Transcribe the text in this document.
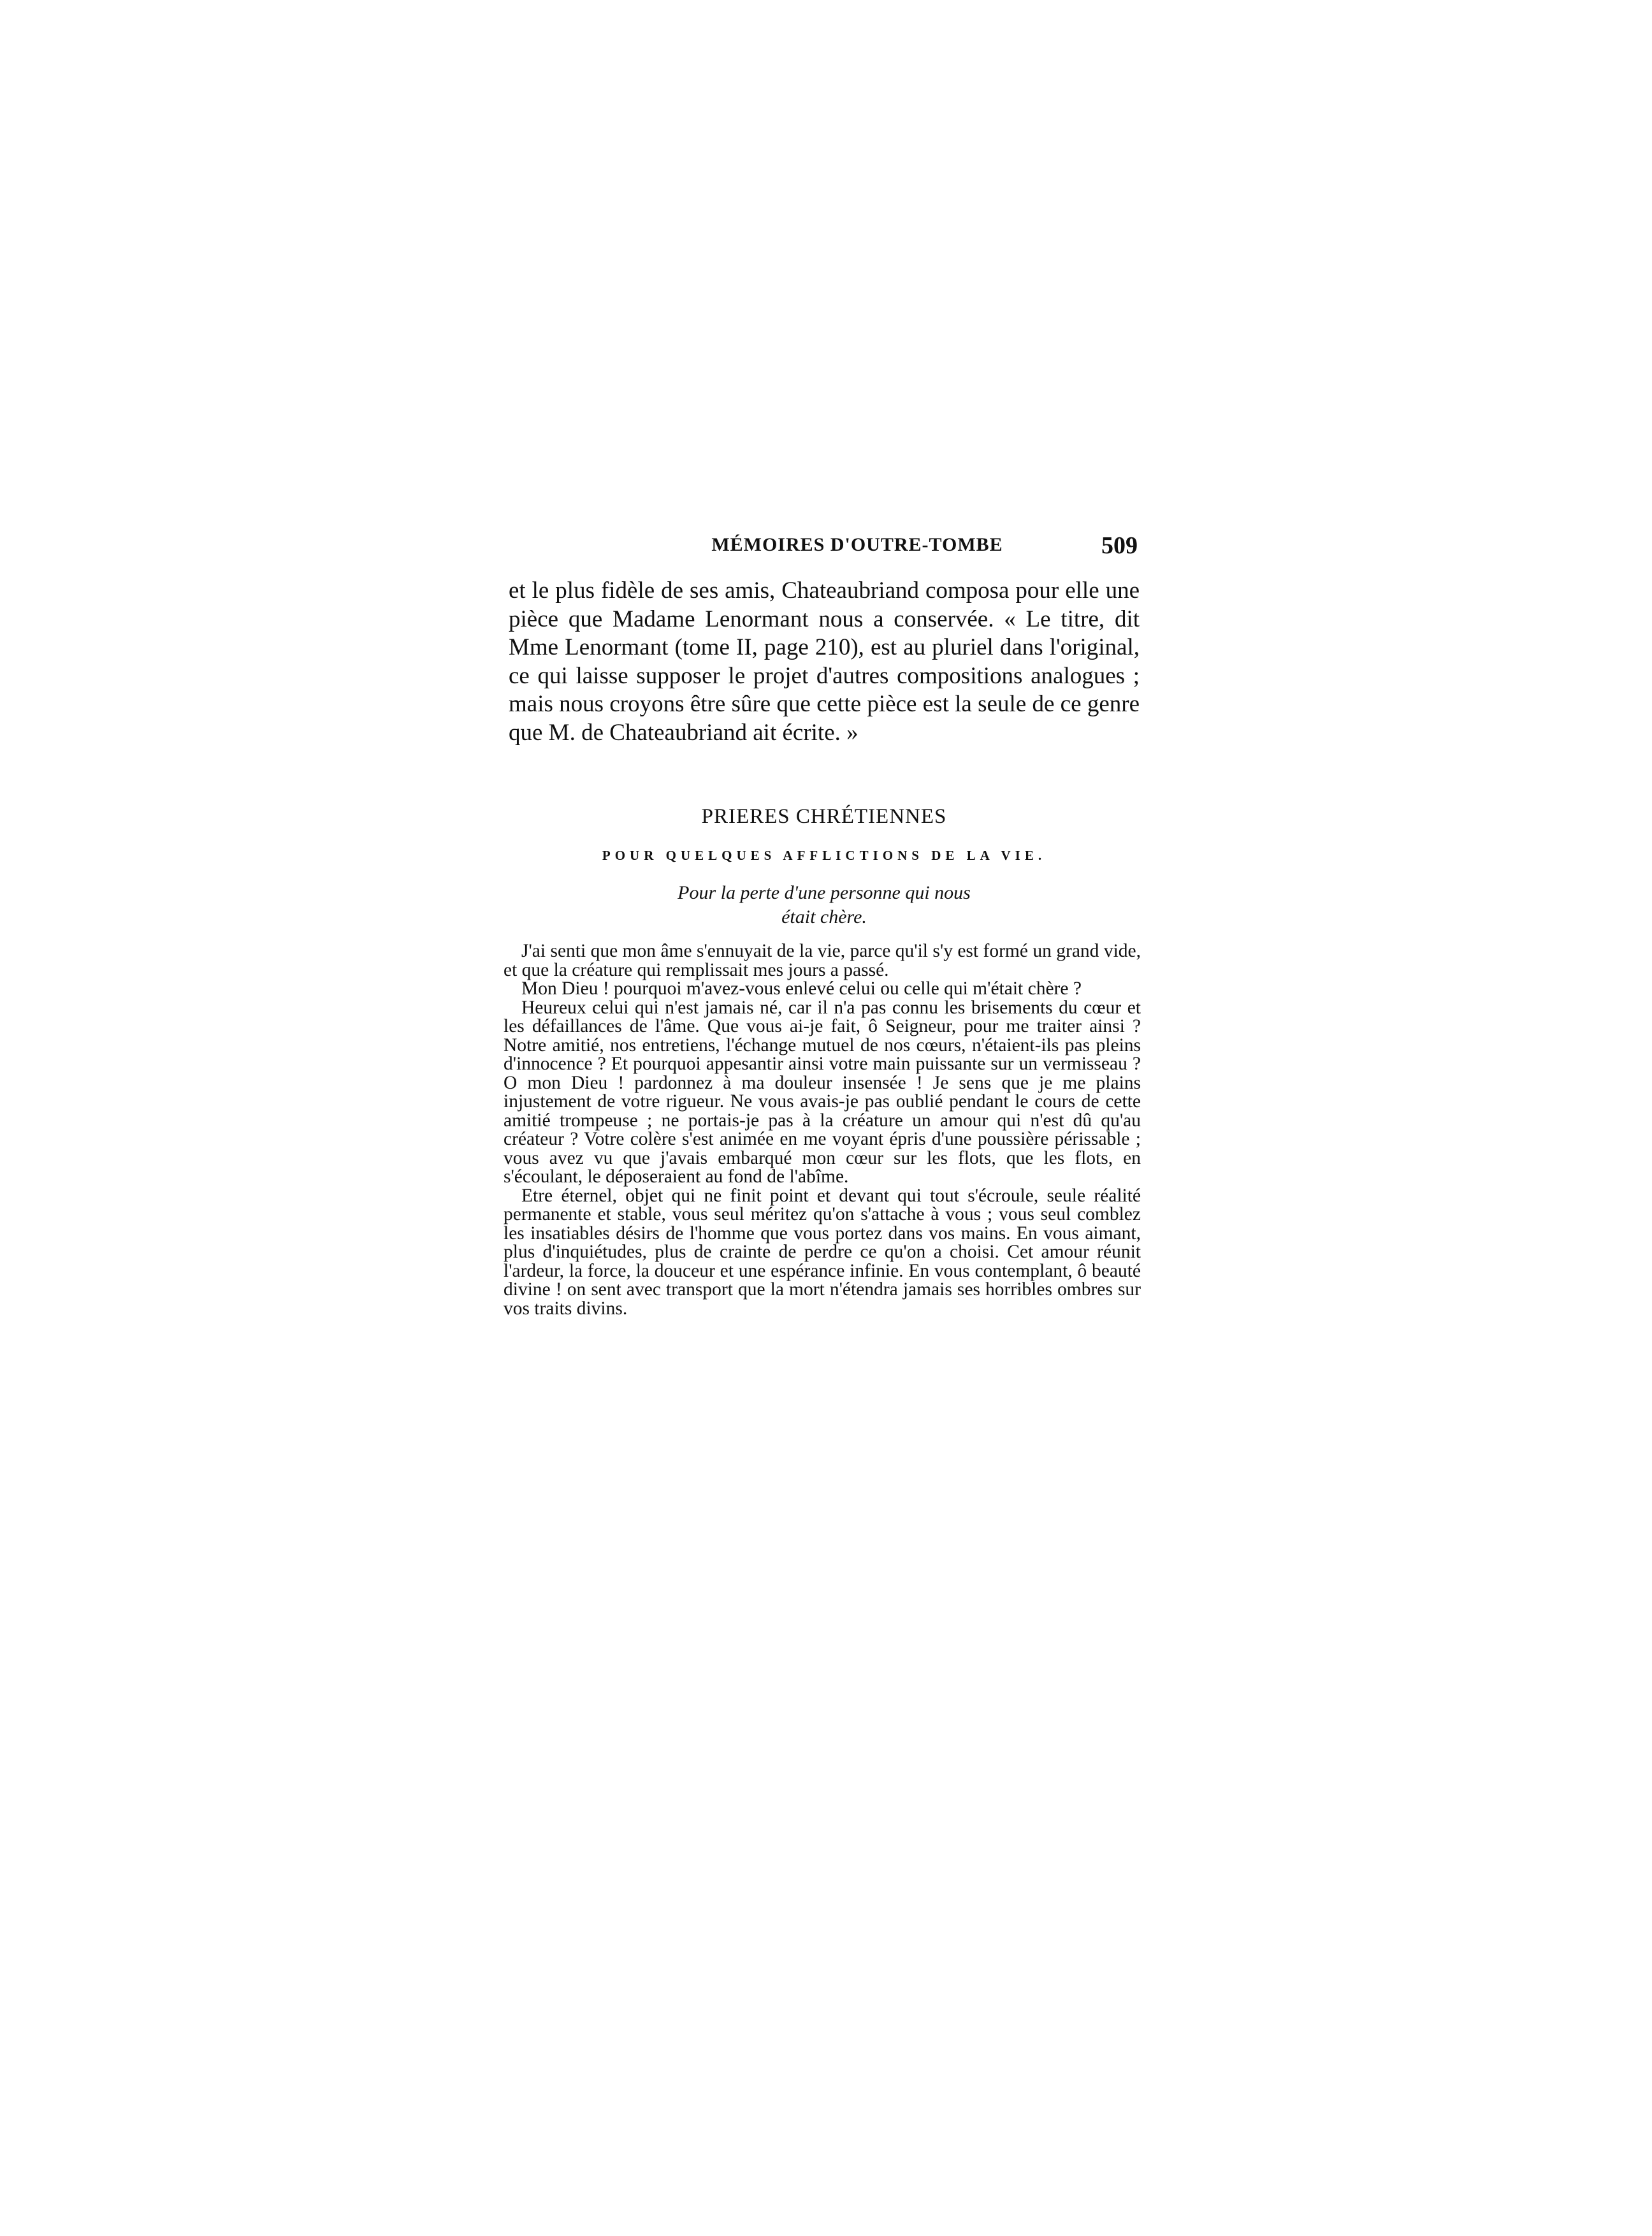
MÉMOIRES D'OUTRE-TOMBE	509

et le plus fidèle de ses amis, Chateaubriand composa pour elle une pièce que Madame Lenormant nous a conservée. « Le titre, dit Mme Lenormant (tome II, page 210), est au pluriel dans l'original, ce qui laisse supposer le projet d'autres compositions analogues ; mais nous croyons être sûre que cette pièce est la seule de ce genre que M. de Chateaubriand ait écrite. »

PRIERES CHRÉTIENNES
POUR QUELQUES AFFLICTIONS DE LA VIE.
Pour la perte d'une personne qui nous
était chère.

J'ai senti que mon âme s'ennuyait de la vie, parce qu'il s'y est formé un grand vide, et que la créature qui remplissait mes jours a passé.

Mon Dieu ! pourquoi m'avez-vous enlevé celui ou celle qui m'était chère ?

Heureux celui qui n'est jamais né, car il n'a pas connu les brisements du cœur et les défaillances de l'âme. Que vous ai-je fait, ô Seigneur, pour me traiter ainsi ? Notre amitié, nos entretiens, l'échange mutuel de nos cœurs, n'étaient-ils pas pleins d'innocence ? Et pourquoi appesantir ainsi votre main puissante sur un vermisseau ? O mon Dieu ! pardonnez à ma douleur insensée ! Je sens que je me plains injustement de votre rigueur. Ne vous avais-je pas oublié pendant le cours de cette amitié trompeuse ; ne portais-je pas à la créature un amour qui n'est dû qu'au créateur ? Votre colère s'est animée en me voyant épris d'une poussière périssable ; vous avez vu que j'avais embarqué mon cœur sur les flots, que les flots, en s'écoulant, le déposeraient au fond de l'abîme.

Etre éternel, objet qui ne finit point et devant qui tout s'écroule, seule réalité permanente et stable, vous seul méritez qu'on s'attache à vous ; vous seul comblez les insatiables désirs de l'homme que vous portez dans vos mains. En vous aimant, plus d'inquiétudes, plus de crainte de perdre ce qu'on a choisi. Cet amour réunit l'ardeur, la force, la douceur et une espérance infinie. En vous contemplant, ô beauté divine ! on sent avec transport que la mort n'étendra jamais ses horribles ombres sur vos traits divins.
